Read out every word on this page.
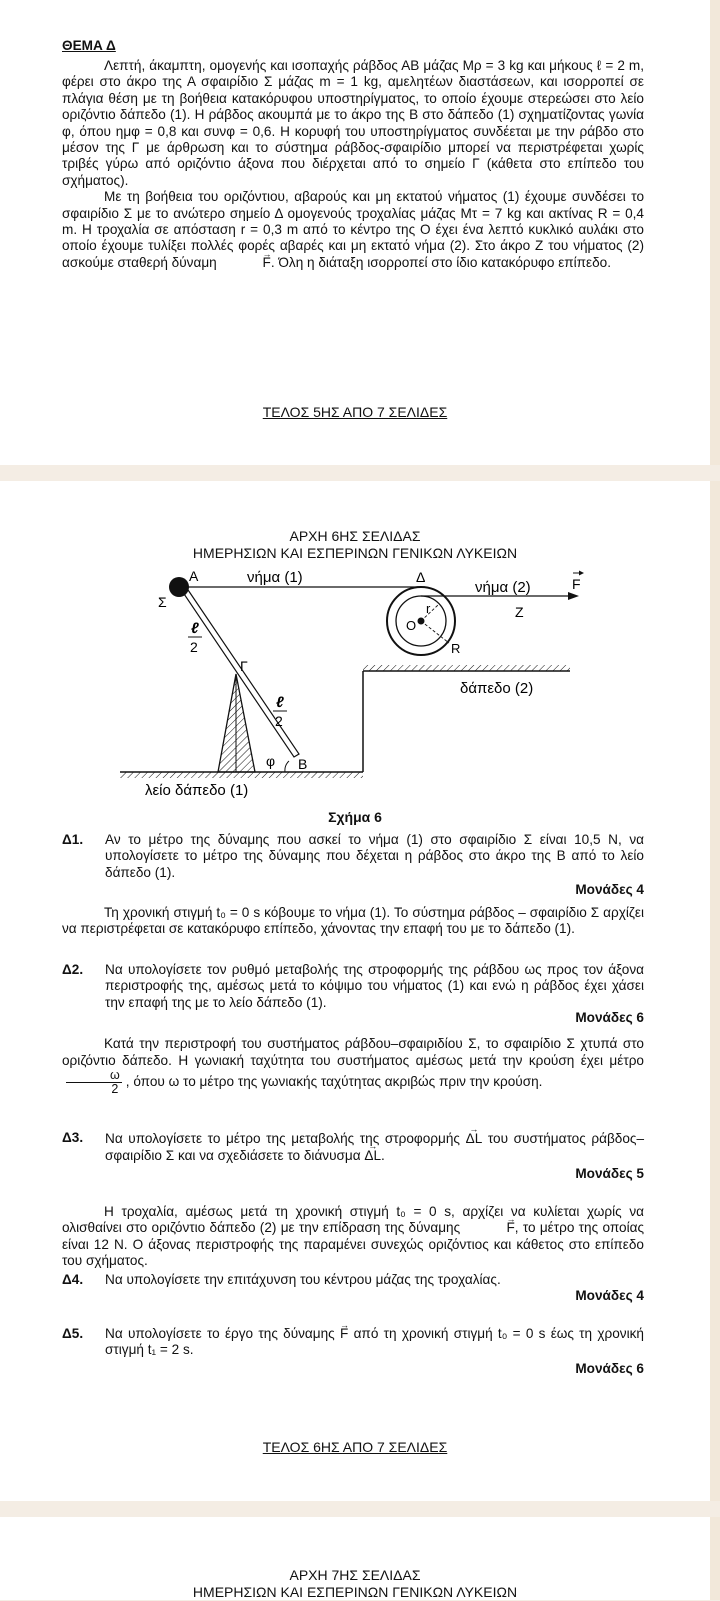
ΘΕΜΑ Δ

Λεπτή, άκαμπτη, ομογενής και ισοπαχής ράβδος ΑΒ μάζας Μρ = 3 kg και μήκους ℓ = 2 m, φέρει στο άκρο της Α σφαιρίδιο Σ μάζας m = 1 kg, αμελητέων διαστάσεων, και ισορροπεί σε πλάγια θέση με τη βοήθεια κατακόρυφου υποστηρίγματος, το οποίο έχουμε στερεώσει στο λείο οριζόντιο δάπεδο (1). Η ράβδος ακουμπά με το άκρο της Β στο δάπεδο (1) σχηματίζοντας γωνία φ, όπου ημφ = 0,8 και συνφ = 0,6. Η κορυφή του υποστηρίγματος συνδέεται με την ράβδο στο μέσον της Γ με άρθρωση και το σύστημα ράβδος-σφαιρίδιο μπορεί να περιστρέφεται χωρίς τριβές γύρω από οριζόντιο άξονα που διέρχεται από το σημείο Γ (κάθετα στο επίπεδο του σχήματος).

Με τη βοήθεια του οριζόντιου, αβαρούς και μη εκτατού νήματος (1) έχουμε συνδέσει το σφαιρίδιο Σ με το ανώτερο σημείο Δ ομογενούς τροχαλίας μάζας Μτ = 7 kg και ακτίνας R = 0,4 m. Η τροχαλία σε απόσταση r = 0,3 m από το κέντρο της Ο έχει ένα λεπτό κυκλικό αυλάκι στο οποίο έχουμε τυλίξει πολλές φορές αβαρές και μη εκτατό νήμα (2). Στο άκρο Ζ του νήματος (2) ασκούμε σταθερή δύναμη	→ F. Όλη η διάταξη ισορροπεί στο ίδιο κατακόρυφο επίπεδο.

ΤΕΛΟΣ 5ΗΣ ΑΠΟ 7 ΣΕΛΙΔΕΣ
ΑΡΧΗ 6ΗΣ ΣΕΛΙΔΑΣ
ΗΜΕΡΗΣΙΩΝ ΚΑΙ ΕΣΠΕΡΙΝΩΝ ΓΕΝΙΚΩΝ ΛΥΚΕΙΩΝ
A
Σ
ℓ
2
Γ
ℓ
2
φ B
νήμα (1)	Δ
O
r
R
νήμα (2)
Z
F
δάπεδο (2)
λείο δάπεδο (1)
Σχήμα 6
Δ1. Αν το μέτρο της δύναμης που ασκεί το νήμα (1) στο σφαιρίδιο Σ είναι 10,5 N, να υπολογίσετε το μέτρο της δύναμης που δέχεται η ράβδος στο άκρο της Β από το λείο δάπεδο (1).
Μονάδες 4

Τη χρονική στιγμή t₀ = 0 s κόβουμε το νήμα (1). Το σύστημα ράβδος – σφαιρίδιο Σ αρχίζει να περιστρέφεται σε κατακόρυφο επίπεδο, χάνοντας την επαφή του με το δάπεδο (1).

Δ2. Να υπολογίσετε τον ρυθμό μεταβολής της στροφορμής της ράβδου ως προς τον άξονα περιστροφής της, αμέσως μετά το κόψιμο του νήματος (1) και ενώ η ράβδος έχει χάσει την επαφή της με το λείο δάπεδο (1).
Μονάδες 6

Κατά την περιστροφή του συστήματος ράβδου–σφαιριδίου Σ, το σφαιρίδιο Σ χτυπά στο οριζόντιο δάπεδο. Η γωνιακή ταχύτητα του συστήματος αμέσως μετά την κρούση έχει μέτρο
$\frac{\omega}{2}$ , όπου ω το μέτρο της γωνιακής ταχύτητας ακριβώς πριν την κρούση.

Δ3. Να υπολογίσετε το μέτρο της μεταβολής της στροφορμής → ΔL του συστήματος ράβδος–σφαιρίδιο Σ και να σχεδιάσετε το διάνυσμα → ΔL.
Μονάδες 5

Η τροχαλία, αμέσως μετά τη χρονική στιγμή t₀ = 0 s, αρχίζει να κυλίεται χωρίς να ολισθαίνει στο οριζόντιο δάπεδο (2) με την επίδραση της δύναμης	→ F, το μέτρο της οποίας είναι 12 N. Ο άξονας περιστροφής της παραμένει συνεχώς οριζόντιος και κάθετος στο επίπεδο του σχήματος.

Δ4. Να υπολογίσετε την επιτάχυνση του κέντρου μάζας της τροχαλίας.
Μονάδες 4
Δ5. Να υπολογίσετε το έργο της δύναμης → F από τη χρονική στιγμή t₀ = 0 s έως τη χρονική στιγμή t₁ = 2 s.
Μονάδες 6
ΤΕΛΟΣ 6ΗΣ ΑΠΟ 7 ΣΕΛΙΔΕΣ
ΑΡΧΗ 7ΗΣ ΣΕΛΙΔΑΣ
ΗΜΕΡΗΣΙΩΝ ΚΑΙ ΕΣΠΕΡΙΝΩΝ ΓΕΝΙΚΩΝ ΛΥΚΕΙΩΝ
